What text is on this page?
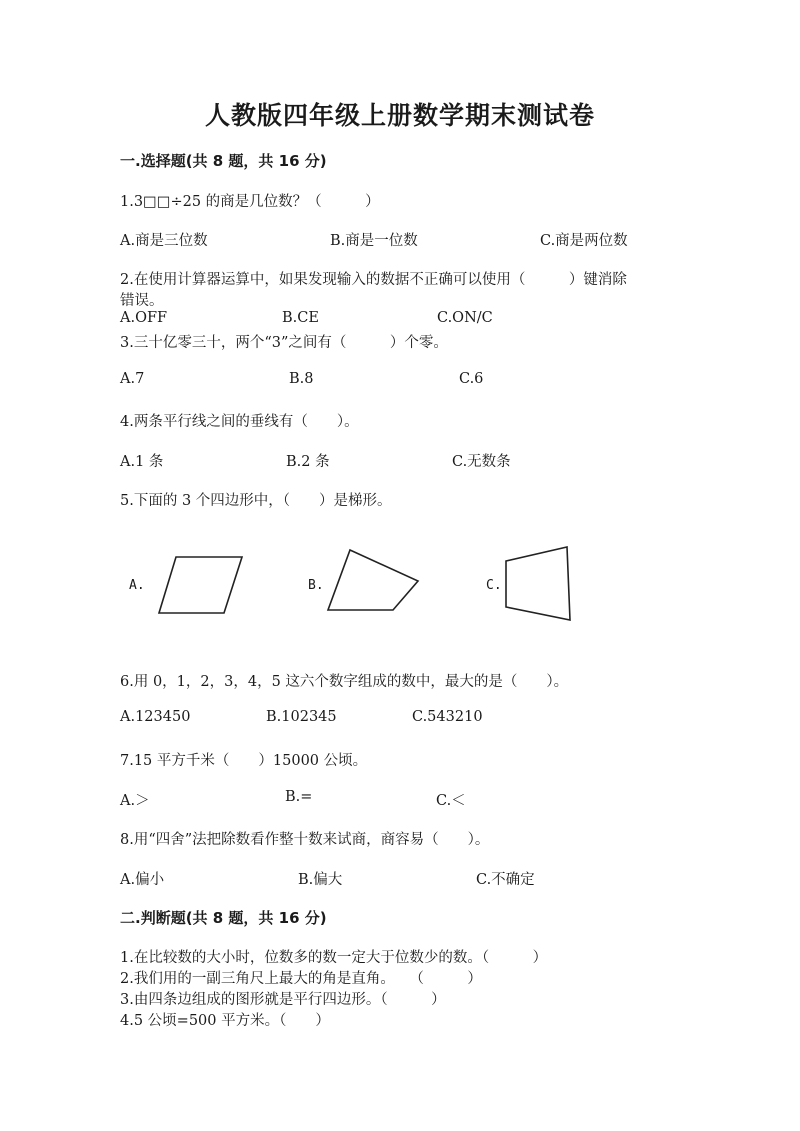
人教版四年级上册数学期末测试卷
一.选择题(共 8 题，共 16 分)
1.3□□÷25 的商是几位数？（　　　）
A.商是三位数	B.商是一位数	C.商是两位数
2.在使用计算器运算中，如果发现输入的数据不正确可以使用（　　　）键消除
错误。
A.OFF	B.CE	C.ON/C
3.三十亿零三十，两个“3”之间有（　　　）个零。
A.7	B.8	C.6
4.两条平行线之间的垂线有（　　）。
A.1 条	B.2 条	C.无数条
5.下面的 3 个四边形中，（　　）是梯形。
A.	B.	C.
6.用 0，1，2，3，4，5 这六个数字组成的数中，最大的是（　　）。
A.123450	B.102345	C.543210
7.15 平方千米（　　）15000 公顷。
A.＞	B.=	C.＜
8.用“四舍”法把除数看作整十数来试商，商容易（　　）。
A.偏小	B.偏大	C.不确定
二.判断题(共 8 题，共 16 分)
1.在比较数的大小时，位数多的数一定大于位数少的数。（　　　）
2.我们用的一副三角尺上最大的角是直角。　　（　　　）
3.由四条边组成的图形就是平行四边形。（　　　）
4.5 公顷=500 平方米。（　　）
